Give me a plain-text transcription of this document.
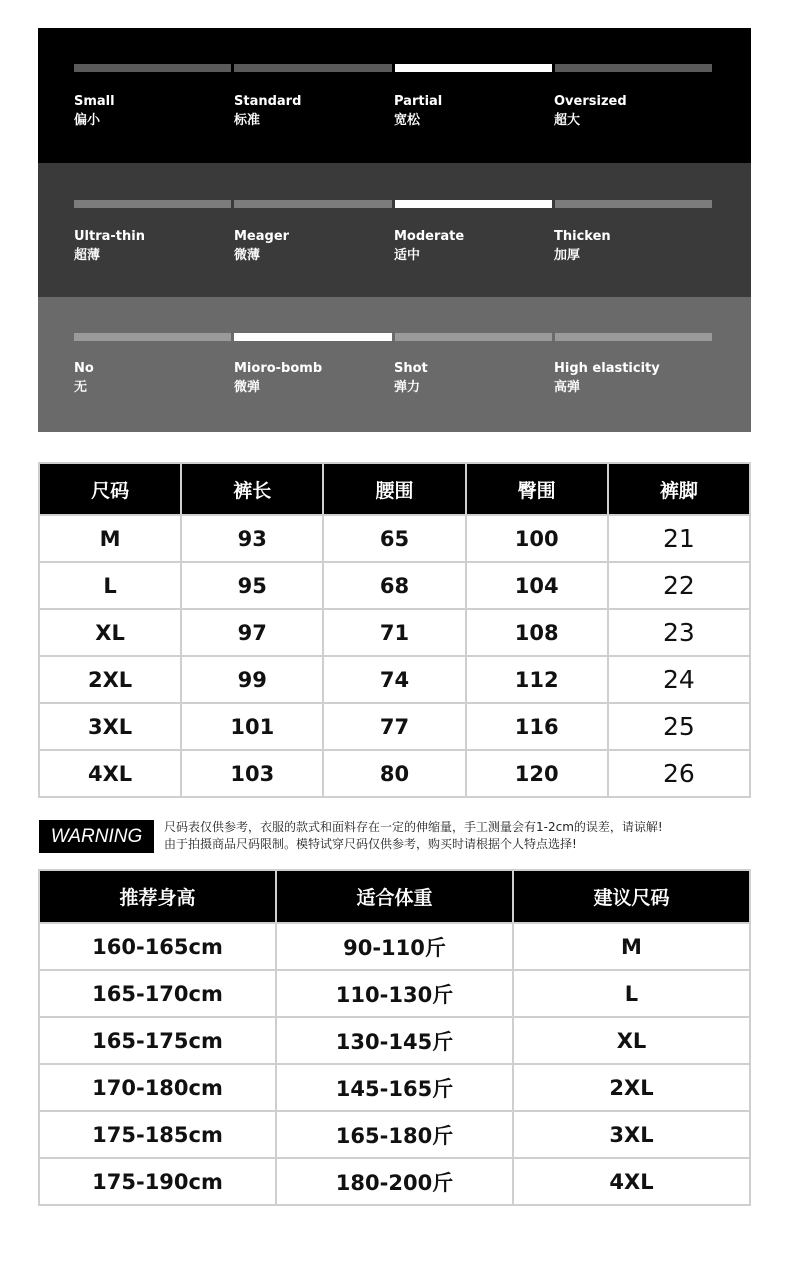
Small
偏小
Standard
标准
Partial
宽松
Oversized
超大
Ultra-thin
超薄
Meager
微薄
Moderate
适中
Thicken
加厚
No
无
Mioro-bomb
微弹
Shot
弹力
High elasticity
高弹
尺码	裤长	腰围	臀围	裤脚
M	93	65	100	21
L	95	68	104	22
XL	97	71	108	23
2XL	99	74	112	24
3XL	101	77	116	25
4XL	103	80	120	26
WARNING	尺码表仅供参考，衣服的款式和面料存在一定的伸缩量，手工测量会有1-2cm的误差，请谅解!
由于拍摄商品尺码限制。模特试穿尺码仅供参考，购买时请根据个人特点选择!
推荐身高	适合体重	建议尺码
160-165cm	90-110斤	M
165-170cm	110-130斤	L
165-175cm	130-145斤	XL
170-180cm	145-165斤	2XL
175-185cm	165-180斤	3XL
175-190cm	180-200斤	4XL
